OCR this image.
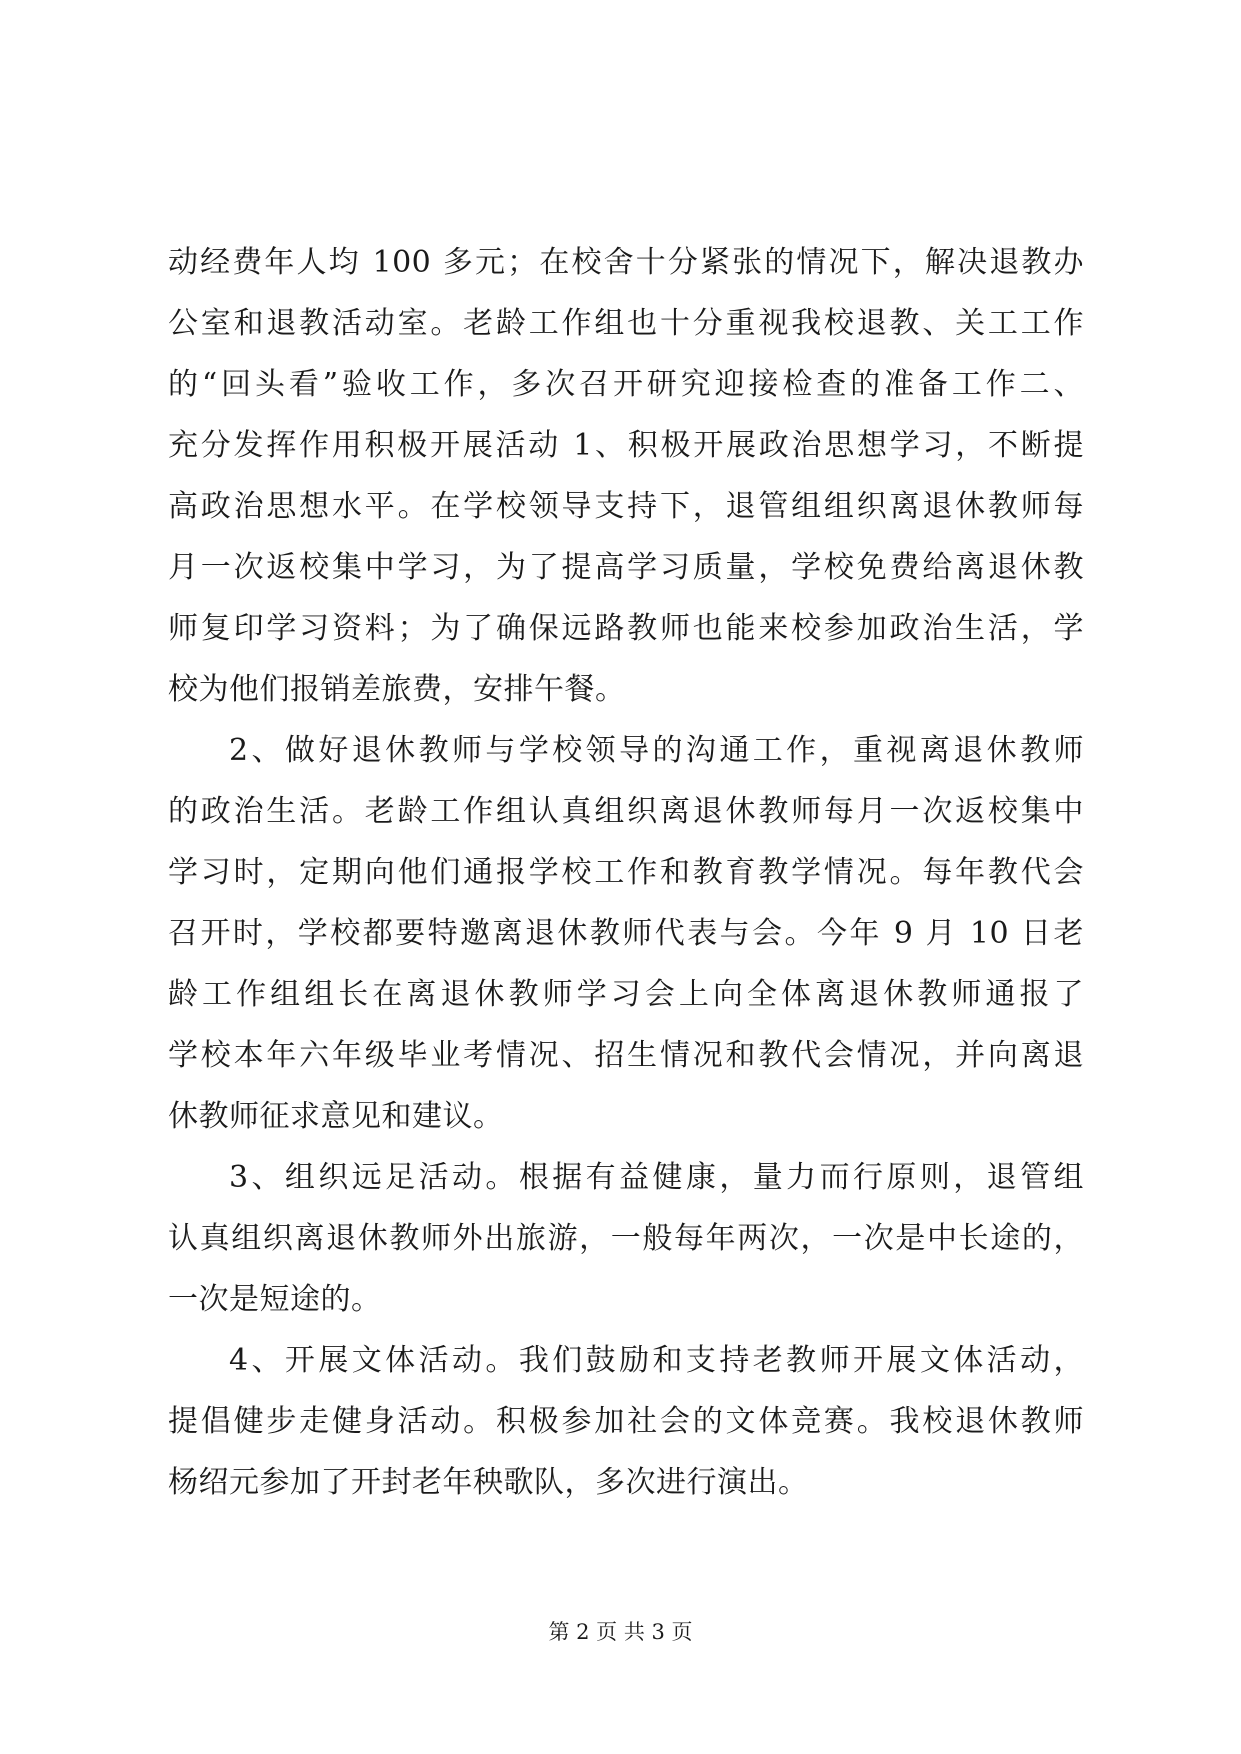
动经费年人均 100 多元；在校舍十分紧张的情况下，解决退教办
公室和退教活动室。老龄工作组也十分重视我校退教、关工工作
的“回头看”验收工作，多次召开研究迎接检查的准备工作二、
充分发挥作用积极开展活动 1、积极开展政治思想学习，不断提
高政治思想水平。在学校领导支持下，退管组组织离退休教师每
月一次返校集中学习，为了提高学习质量，学校免费给离退休教
师复印学习资料；为了确保远路教师也能来校参加政治生活，学
校为他们报销差旅费，安排午餐。
2、做好退休教师与学校领导的沟通工作，重视离退休教师
的政治生活。老龄工作组认真组织离退休教师每月一次返校集中
学习时，定期向他们通报学校工作和教育教学情况。每年教代会
召开时，学校都要特邀离退休教师代表与会。今年 9 月 10 日老
龄工作组组长在离退休教师学习会上向全体离退休教师通报了
学校本年六年级毕业考情况、招生情况和教代会情况，并向离退
休教师征求意见和建议。
3、组织远足活动。根据有益健康，量力而行原则，退管组
认真组织离退休教师外出旅游，一般每年两次，一次是中长途的，
一次是短途的。
4、开展文体活动。我们鼓励和支持老教师开展文体活动，
提倡健步走健身活动。积极参加社会的文体竞赛。我校退休教师
杨绍元参加了开封老年秧歌队，多次进行演出。
第 2 页 共 3 页
